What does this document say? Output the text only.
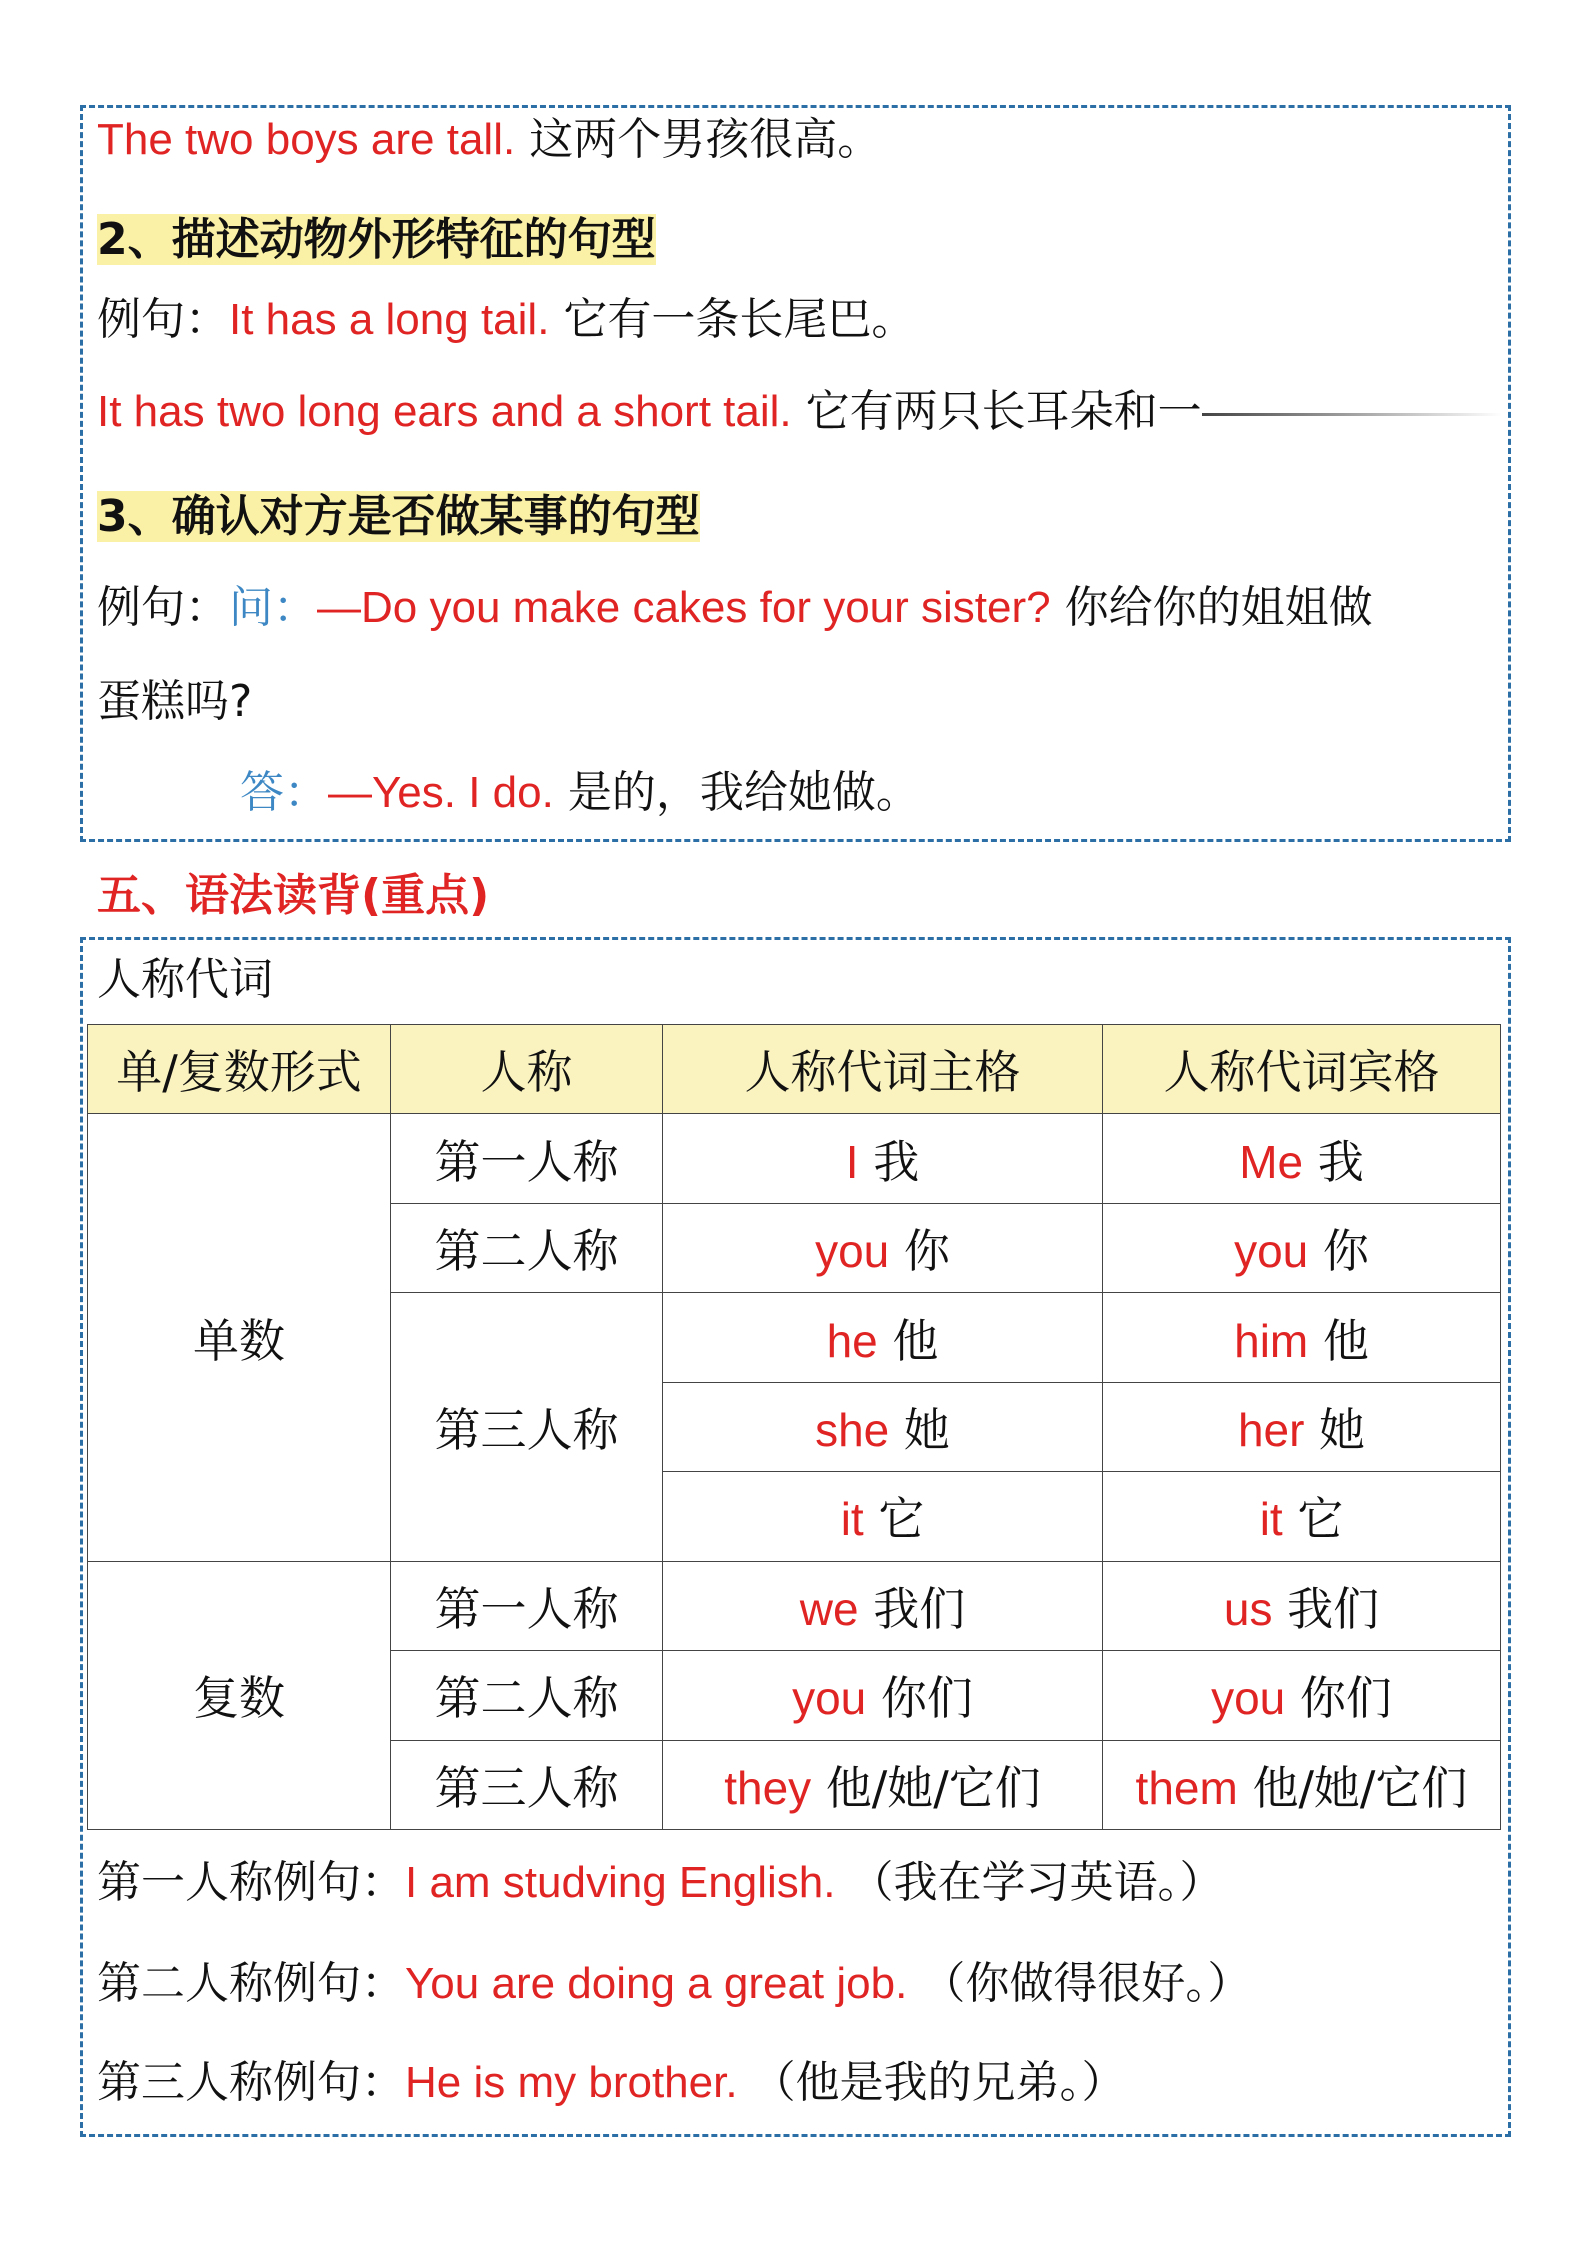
The two boys are tall. 这两个男孩很高。
2、描述动物外形特征的句型
例句：It has a long tail. 它有一条长尾巴。
It has two long ears and a short tail. 它有两只长耳朵和一
3、确认对方是否做某事的句型
例句：问：—Do you make cakes for your sister? 你给你的姐姐做
蛋糕吗?
答：—Yes. I do. 是的，我给她做。
五、语法读背(重点)
人称代词
单/复数形式	人称	人称代词主格	人称代词宾格
单数	第一人称	I 我	Me 我
	第二人称	you 你	you 你
	第三人称	he 他	him 他
		she 她	her 她
		it 它	it 它
复数	第一人称	we 我们	us 我们
	第二人称	you 你们	you 你们
	第三人称	they 他/她/它们	them 他/她/它们
第一人称例句：I am studving English. （我在学习英语。）
第二人称例句：You are doing a great job. （你做得很好。）
第三人称例句：He is my brother. （他是我的兄弟。）
